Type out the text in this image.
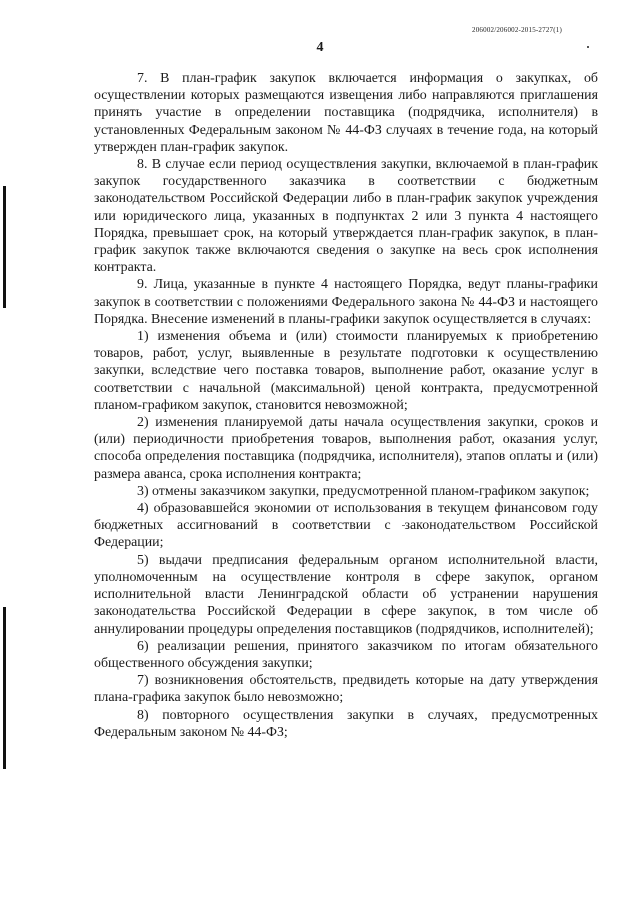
206002/206002-2015-2727(1)
4

7. В план-график закупок включается информация о закупках, об осуществлении которых размещаются извещения либо направляются приглашения принять участие в определении поставщика (подрядчика, исполнителя) в установленных Федеральным законом № 44-ФЗ случаях в течение года, на который утвержден план-график закупок.

8. В случае если период осуществления закупки, включаемой в план-график закупок государственного заказчика в соответствии с бюджетным законодательством Российской Федерации либо в план-график закупок учреждения или юридического лица, указанных в подпунктах 2 или 3 пункта 4 настоящего Порядка, превышает срок, на который утверждается план-график закупок, в план-график закупок также включаются сведения о закупке на весь срок исполнения контракта.

9. Лица, указанные в пункте 4 настоящего Порядка, ведут планы-графики закупок в соответствии с положениями Федерального закона № 44-ФЗ и настоящего Порядка. Внесение изменений в планы-графики закупок осуществляется в случаях:

1) изменения объема и (или) стоимости планируемых к приобретению товаров, работ, услуг, выявленные в результате подготовки к осуществлению закупки, вследствие чего поставка товаров, выполнение работ, оказание услуг в соответствии с начальной (максимальной) ценой контракта, предусмотренной планом-графиком закупок, становится невозможной;

2) изменения планируемой даты начала осуществления закупки, сроков и (или) периодичности приобретения товаров, выполнения работ, оказания услуг, способа определения поставщика (подрядчика, исполнителя), этапов оплаты и (или) размера аванса, срока исполнения контракта;

3) отмены заказчиком закупки, предусмотренной планом-графиком закупок;

4) образовавшейся экономии от использования в текущем финансовом году бюджетных ассигнований в соответствии с законодательством Российской Федерации;

5) выдачи предписания федеральным органом исполнительной власти, уполномоченным на осуществление контроля в сфере закупок, органом исполнительной власти Ленинградской области об устранении нарушения законодательства Российской Федерации в сфере закупок, в том числе об аннулировании процедуры определения поставщиков (подрядчиков, исполнителей);

6) реализации решения, принятого заказчиком по итогам обязательного общественного обсуждения закупки;

7) возникновения обстоятельств, предвидеть которые на дату утверждения плана-графика закупок было невозможно;

8) повторного осуществления закупки в случаях, предусмотренных Федеральным законом № 44-ФЗ;
